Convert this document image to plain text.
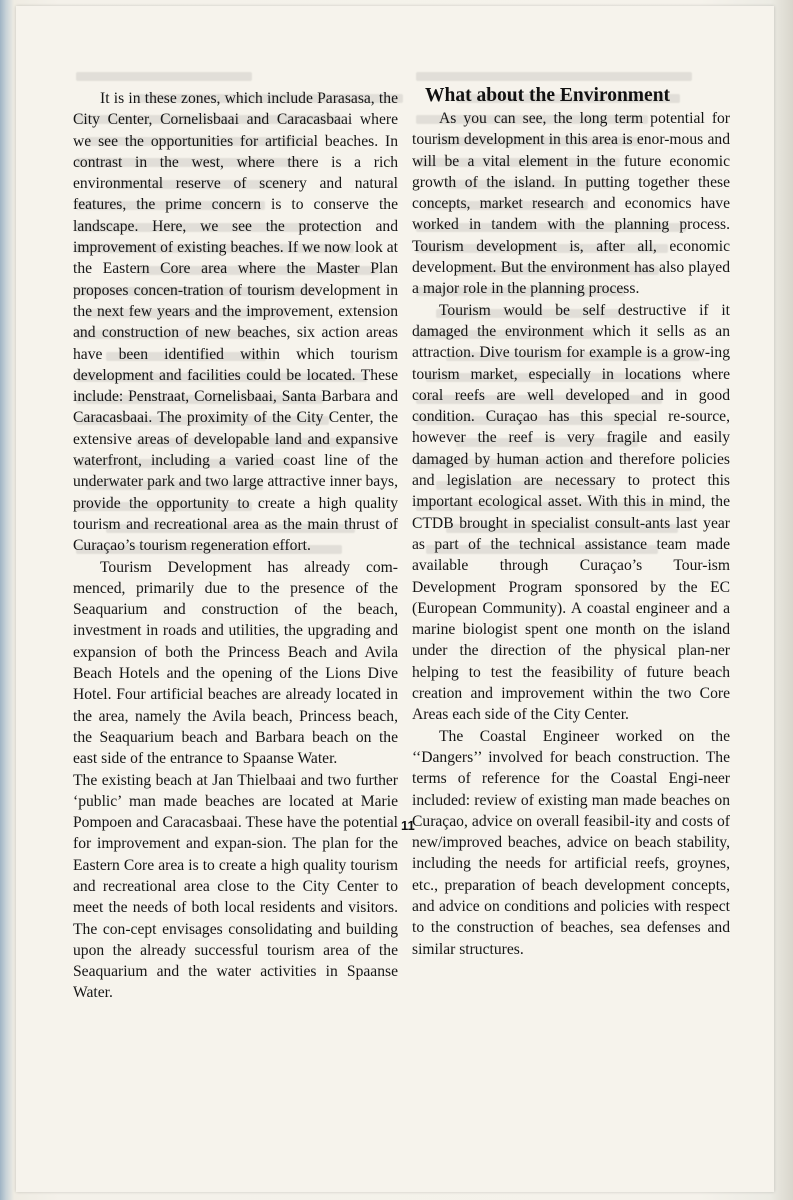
It is in these zones, which include Parasasa, the City Center, Cornelisbaai and Caracasbaai where we see the opportunities for artificial beaches. In contrast in the west, where there is a rich environmental reserve of scenery and natural features, the prime concern is to conserve the landscape. Here, we see the protection and improvement of existing beaches. If we now look at the Eastern Core area where the Master Plan proposes concen-tration of tourism development in the next few years and the improvement, extension and construction of new beaches, six action areas have been identified within which tourism development and facilities could be located. These include: Penstraat, Cornelisbaai, Santa Barbara and Caracasbaai. The proximity of the City Center, the extensive areas of developable land and expansive waterfront, including a varied coast line of the underwater park and two large attractive inner bays, provide the opportunity to create a high quality tourism and recreational area as the main thrust of Curaçao’s tourism regeneration effort.

Tourism Development has already com-menced, primarily due to the presence of the Seaquarium and construction of the beach, investment in roads and utilities, the upgrading and expansion of both the Princess Beach and Avila Beach Hotels and the opening of the Lions Dive Hotel. Four artificial beaches are already located in the area, namely the Avila beach, Princess beach, the Seaquarium beach and Barbara beach on the east side of the entrance to Spaanse Water.

The existing beach at Jan Thielbaai and two further ‘public’ man made beaches are located at Marie Pompoen and Caracasbaai. These have the potential for improvement and expan-sion. The plan for the Eastern Core area is to create a high quality tourism and recreational area close to the City Center to meet the needs of both local residents and visitors. The con-cept envisages consolidating and building upon the already successful tourism area of the Seaquarium and the water activities in Spaanse Water.

What about the Environment

As you can see, the long term potential for tourism development in this area is enor-mous and will be a vital element in the future economic growth of the island. In putting together these concepts, market research and economics have worked in tandem with the planning process. Tourism development is, after all, economic development. But the environment has also played a major role in the planning process.

Tourism would be self destructive if it damaged the environment which it sells as an attraction. Dive tourism for example is a grow-ing tourism market, especially in locations where coral reefs are well developed and in good condition. Curaçao has this special re-source, however the reef is very fragile and easily damaged by human action and therefore policies and legislation are necessary to protect this important ecological asset. With this in mind, the CTDB brought in specialist consult-ants last year as part of the technical assistance team made available through Curaçao’s Tour-ism Development Program sponsored by the EC (European Community). A coastal engineer and a marine biologist spent one month on the island under the direction of the physical plan-ner helping to test the feasibility of future beach creation and improvement within the two Core Areas each side of the City Center.

The Coastal Engineer worked on the ‘‘Dangers’’ involved for beach construction. The terms of reference for the Coastal Engi-neer included: review of existing man made beaches on Curaçao, advice on overall feasibil-ity and costs of new/improved beaches, advice on beach stability, including the needs for artificial reefs, groynes, etc., preparation of beach development concepts, and advice on conditions and policies with respect to the construction of beaches, sea defenses and similar structures.

11
